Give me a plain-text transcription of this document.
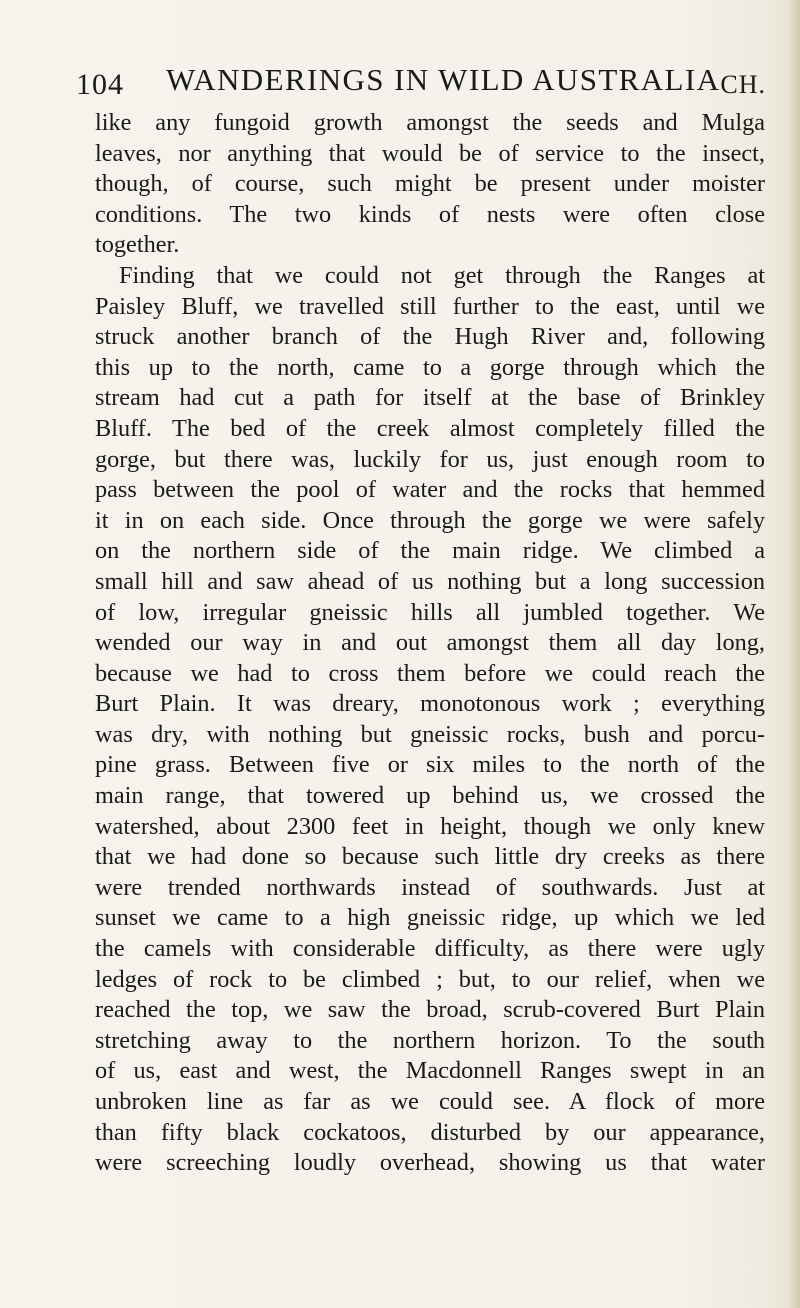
104 WANDERINGS IN WILD AUSTRALIA CH.
like any fungoid growth amongst the seeds and Mulga
leaves, nor anything that would be of service to the insect,
though, of course, such might be present under moister
conditions. The two kinds of nests were often close
together.
Finding that we could not get through the Ranges at
Paisley Bluff, we travelled still further to the east, until we
struck another branch of the Hugh River and, following
this up to the north, came to a gorge through which the
stream had cut a path for itself at the base of Brinkley
Bluff. The bed of the creek almost completely filled the
gorge, but there was, luckily for us, just enough room to
pass between the pool of water and the rocks that hemmed
it in on each side. Once through the gorge we were safely
on the northern side of the main ridge. We climbed a
small hill and saw ahead of us nothing but a long succession
of low, irregular gneissic hills all jumbled together. We
wended our way in and out amongst them all day long,
because we had to cross them before we could reach the
Burt Plain. It was dreary, monotonous work ; everything
was dry, with nothing but gneissic rocks, bush and porcu-
pine grass. Between five or six miles to the north of the
main range, that towered up behind us, we crossed the
watershed, about 2300 feet in height, though we only knew
that we had done so because such little dry creeks as there
were trended northwards instead of southwards. Just at
sunset we came to a high gneissic ridge, up which we led
the camels with considerable difficulty, as there were ugly
ledges of rock to be climbed ; but, to our relief, when we
reached the top, we saw the broad, scrub-covered Burt Plain
stretching away to the northern horizon. To the south
of us, east and west, the Macdonnell Ranges swept in an
unbroken line as far as we could see. A flock of more
than fifty black cockatoos, disturbed by our appearance,
were screeching loudly overhead, showing us that water
